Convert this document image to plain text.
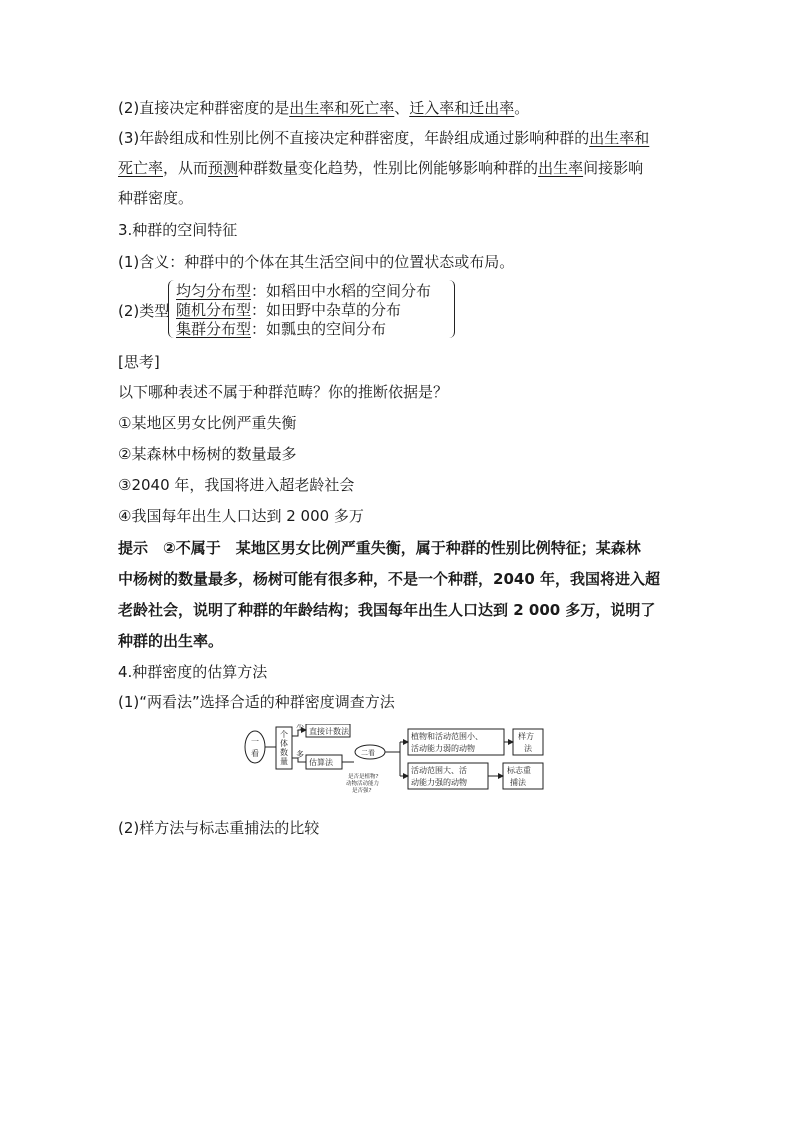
(2)直接决定种群密度的是出生率和死亡率、迁入率和迁出率。
(3)年龄组成和性别比例不直接决定种群密度，年龄组成通过影响种群的出生率和
死亡率，从而预测种群数量变化趋势，性别比例能够影响种群的出生率间接影响
种群密度。
3.种群的空间特征
(1)含义：种群中的个体在其生活空间中的位置状态或布局。
(2)类型
均匀分布型：如稻田中水稻的空间分布
随机分布型：如田野中杂草的分布
集群分布型：如瓢虫的空间分布
[思考]
以下哪种表述不属于种群范畴？你的推断依据是？
①某地区男女比例严重失衡
②某森林中杨树的数量最多
③2040 年，我国将进入超老龄社会
④我国每年出生人口达到 2 000 多万
提示　②不属于　某地区男女比例严重失衡，属于种群的性别比例特征；某森林
中杨树的数量最多，杨树可能有很多种，不是一个种群，2040 年，我国将进入超
老龄社会，说明了种群的年龄结构；我国每年出生人口达到 2 000 多万，说明了
种群的出生率。
4.种群密度的估算方法
(1)“两看法”选择合适的种群密度调查方法
一
看
个
体
数
量
少
多
直接计数法
估算法
是否是植物?
动物活动能力
是否强?
二看
植物和活动范围小、
活动能力弱的动物
活动范围大、活
动能力强的动物
样方
法
标志重
捕法
(2)样方法与标志重捕法的比较
